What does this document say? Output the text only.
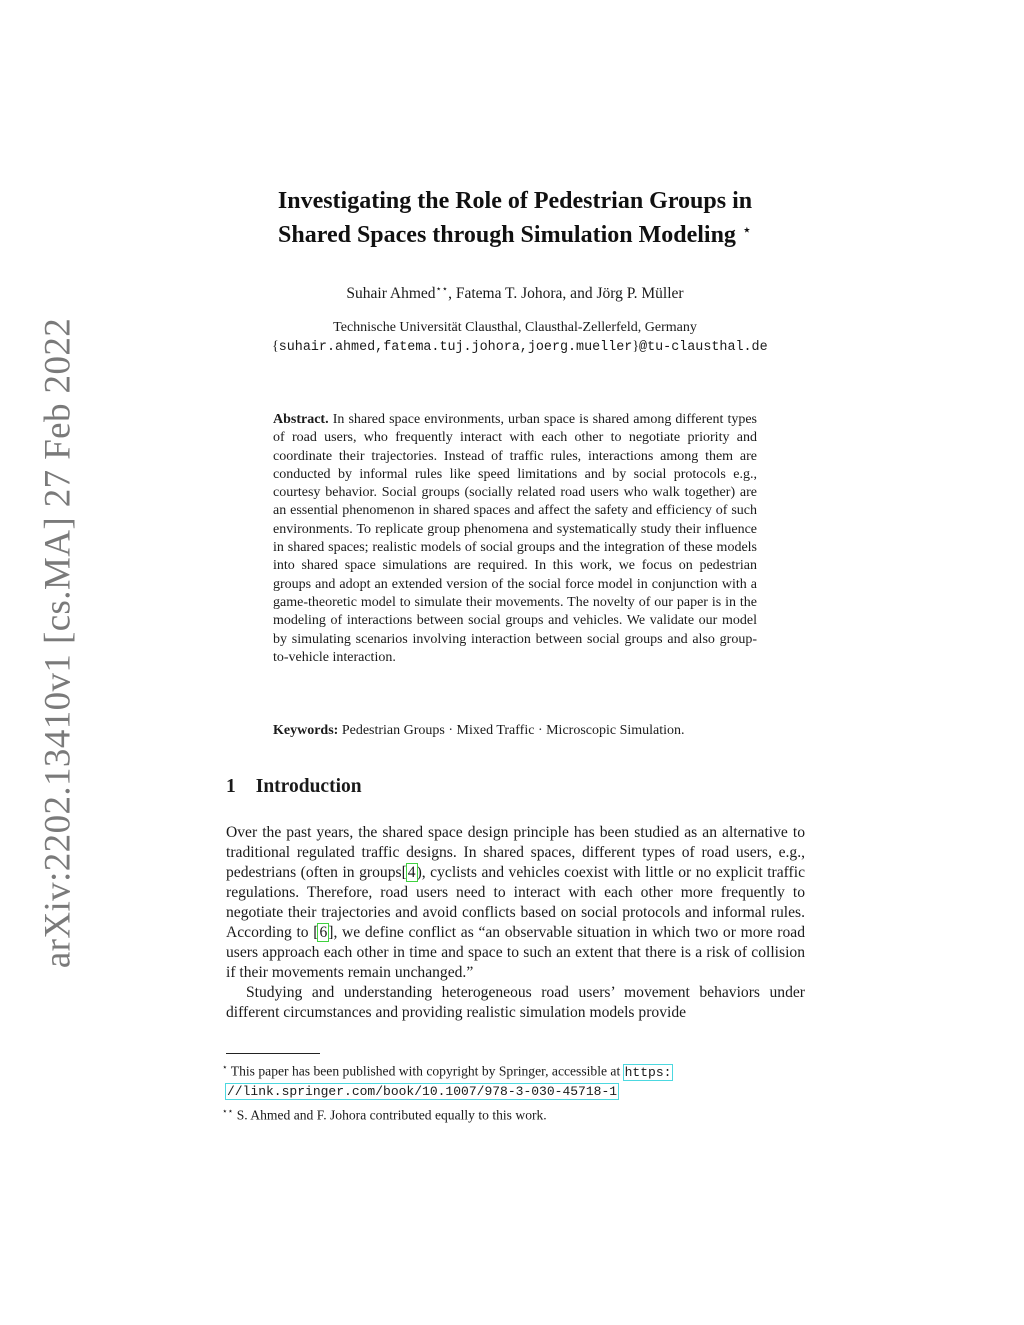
arXiv:2202.13410v1 [cs.MA] 27 Feb 2022
Investigating the Role of Pedestrian Groups in
Shared Spaces through Simulation Modeling ⋆
Suhair Ahmed⋆⋆, Fatema T. Johora, and Jörg P. Müller
Technische Universität Clausthal, Clausthal-Zellerfeld, Germany
{suhair.ahmed,fatema.tuj.johora,joerg.mueller}@tu-clausthal.de
Abstract. In shared space environments, urban space is shared among different types of road users, who frequently interact with each other to negotiate priority and coordinate their trajectories. Instead of traffic rules, interactions among them are conducted by informal rules like speed limitations and by social protocols e.g., courtesy behavior. Social groups (socially related road users who walk together) are an essential phenomenon in shared spaces and affect the safety and efficiency of such environments. To replicate group phenomena and systematically study their influence in shared spaces; realistic models of social groups and the integration of these models into shared space simulations are required. In this work, we focus on pedestrian groups and adopt an extended version of the social force model in conjunction with a game-theoretic model to simulate their movements. The novelty of our paper is in the modeling of interactions between social groups and vehicles. We validate our model by simulating scenarios involving interaction between social groups and also group-to-vehicle interaction.
Keywords: Pedestrian Groups · Mixed Traffic · Microscopic Simulation.
1 Introduction

Over the past years, the shared space design principle has been studied as an alternative to traditional regulated traffic designs. In shared spaces, different types of road users, e.g., pedestrians (often in groups[4), cyclists and vehicles coexist with little or no explicit traffic regulations. Therefore, road users need to interact with each other more frequently to negotiate their trajectories and avoid conflicts based on social protocols and informal rules. According to [6], we define conflict as “an observable situation in which two or more road users approach each other in time and space to such an extent that there is a risk of collision if their movements remain unchanged.”

Studying and understanding heterogeneous road users’ movement behaviors under different circumstances and providing realistic simulation models provide

⋆ This paper has been published with copyright by Springer, accessible at https:
//link.springer.com/book/10.1007/978-3-030-45718-1

⋆⋆ S. Ahmed and F. Johora contributed equally to this work.
